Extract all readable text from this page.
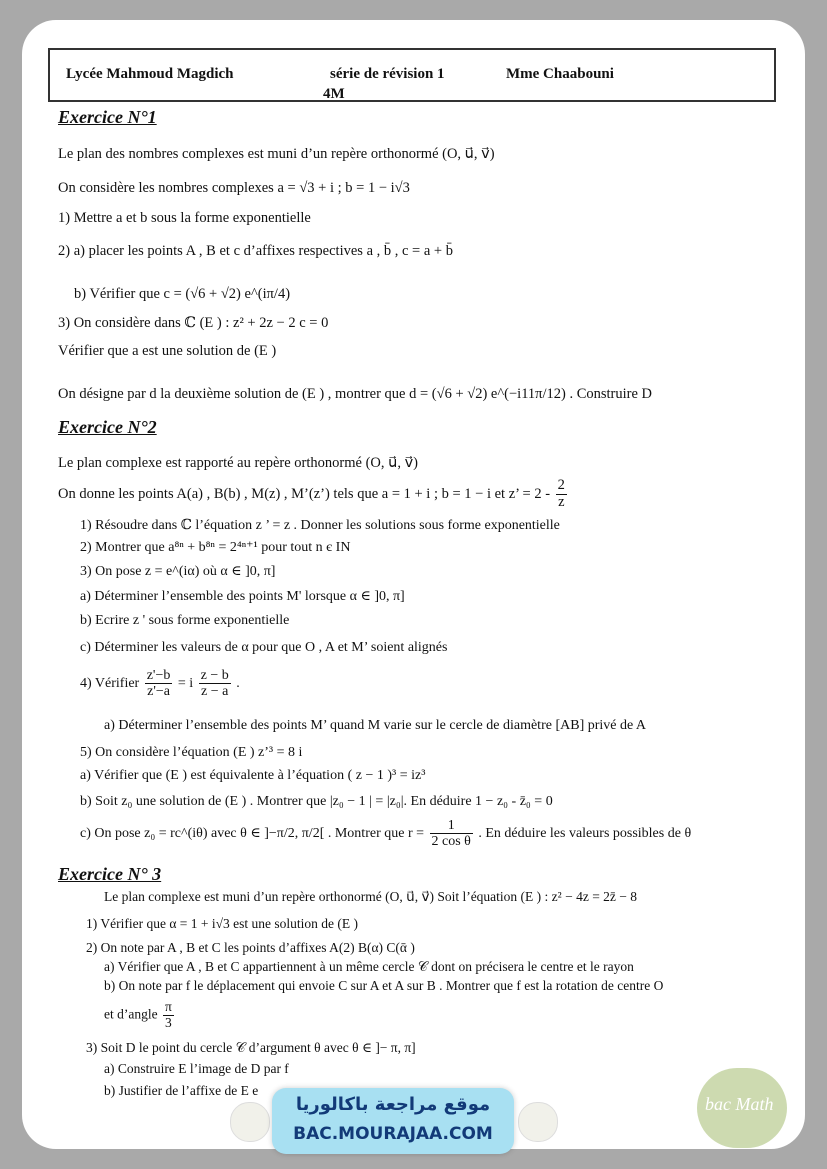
Lycée Mahmoud Magdich	série de révision 1	Mme Chaabouni
4M
Exercice N°1
Le plan des nombres complexes est muni d’un repère orthonormé (O, u⃗, v⃗)
On considère les nombres complexes a = √3 + i ; b = 1 − i√3
1) Mettre a et b sous la forme exponentielle
2) a) placer les points A , B et c d’affixes respectives a , b̄ , c = a + b̄
b) Vérifier que c = (√6 + √2) e^(iπ/4)
3) On considère dans ℂ (E ) : z² + 2z − 2 c = 0
Vérifier que a est une solution de (E )
On désigne par d la deuxième solution de (E ) , montrer que d = (√6 + √2) e^(−i11π/12) . Construire D
Exercice N°2
Le plan complexe est rapporté au repère orthonormé (O, u⃗, v⃗)
On donne les points A(a) , B(b) , M(z) , M’(z’) tels que a = 1 + i ; b = 1 − i et z’ = $2 - \frac{2}{z}$
1) Résoudre dans ℂ l’équation z ’ = z . Donner les solutions sous forme exponentielle
2) Montrer que a⁸ⁿ + b⁸ⁿ = 2⁴ⁿ⁺¹ pour tout n є IN
3) On pose z = e^(iα) où α ∈ ]0, π]
a) Déterminer l’ensemble des points M' lorsque α ∈ ]0, π]
b) Ecrire z ' sous forme exponentielle
c) Déterminer les valeurs de α pour que O , A et M’ soient alignés
4) Vérifier $\frac{z'-b}{z'-a} = i \frac{z - b}{z - a}$ .
a) Déterminer l’ensemble des points M’ quand M varie sur le cercle de diamètre [AB] privé de A
5) On considère l’équation (E ) z’³ = 8 i
a) Vérifier que (E ) est équivalente à l’équation ( z − 1 )³ = iz³
b) Soit z₀ une solution de (E ) . Montrer que |z₀ − 1 | = |z₀|. En déduire 1 − z₀ - z̄₀ = 0
c) On pose z₀ = rc^(iθ) avec θ ∈ ]−π/2, π/2[ . Montrer que $r = \frac{1}{\text{2 cos θ}}$ . En déduire les valeurs possibles de θ
Exercice N° 3
Le plan complexe est muni d’un repère orthonormé (O, u⃗, v⃗) Soit l’équation (E ) : z² − 4z = 2z̄ − 8
1) Vérifier que α = 1 + i√3 est une solution de (E )
2) On note par A , B et C les points d’affixes A(2) B(α) C(ᾱ )
a) Vérifier que A , B et C appartiennent à un même cercle 𝒞 dont on précisera le centre et le rayon
b) On note par f le déplacement qui envoie C sur A et A sur B . Montrer que f est la rotation de centre O
et d’angle $\frac{\pi}{3}$
3) Soit D le point du cercle 𝒞 d’argument θ avec θ ∈ ]− π, π]
a) Construire E l’image de D par f
b) Justifier de l’affixe de E e
موقع مراجعة باكالوريا
BAC.MOURAJAA.COM
bac Math
